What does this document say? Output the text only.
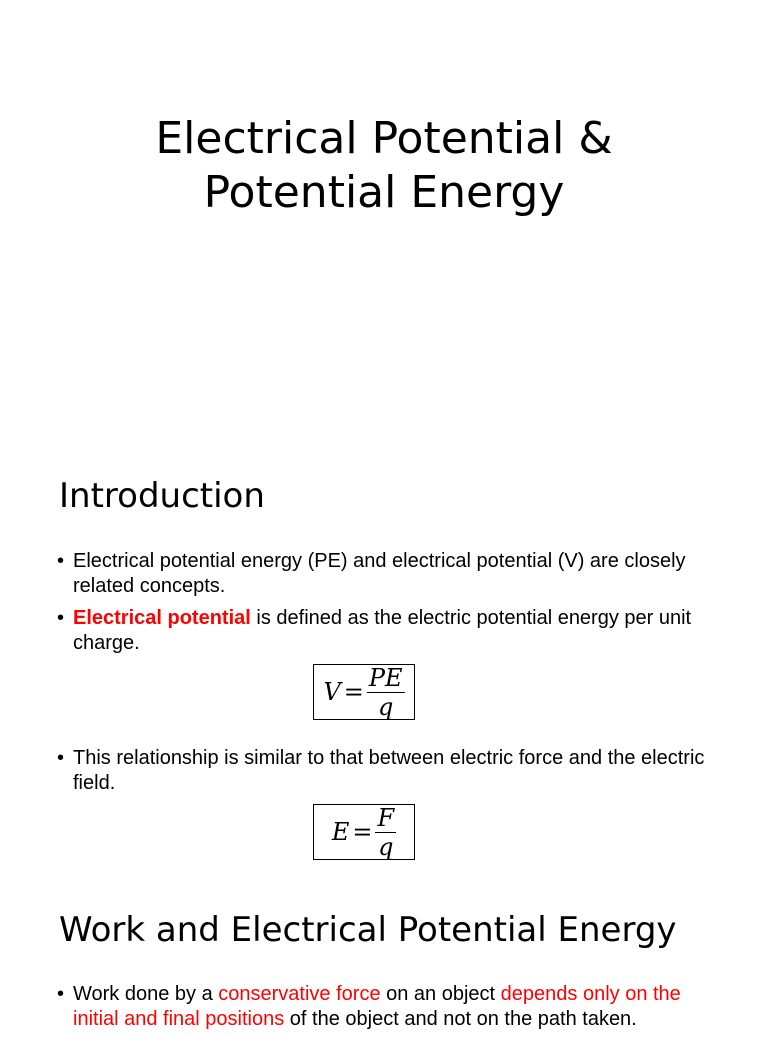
Electrical Potential &
Potential Energy
Introduction
• Electrical potential energy (PE) and electrical potential (V) are closely related concepts.
• Electrical potential is defined as the electric potential energy per unit charge.
$V = \frac{PE}{q}$
• This relationship is similar to that between electric force and the electric field.
$E = \frac{F}{q}$
Work and Electrical Potential Energy
• Work done by a conservative force on an object depends only on the initial and final positions of the object and not on the path taken.
